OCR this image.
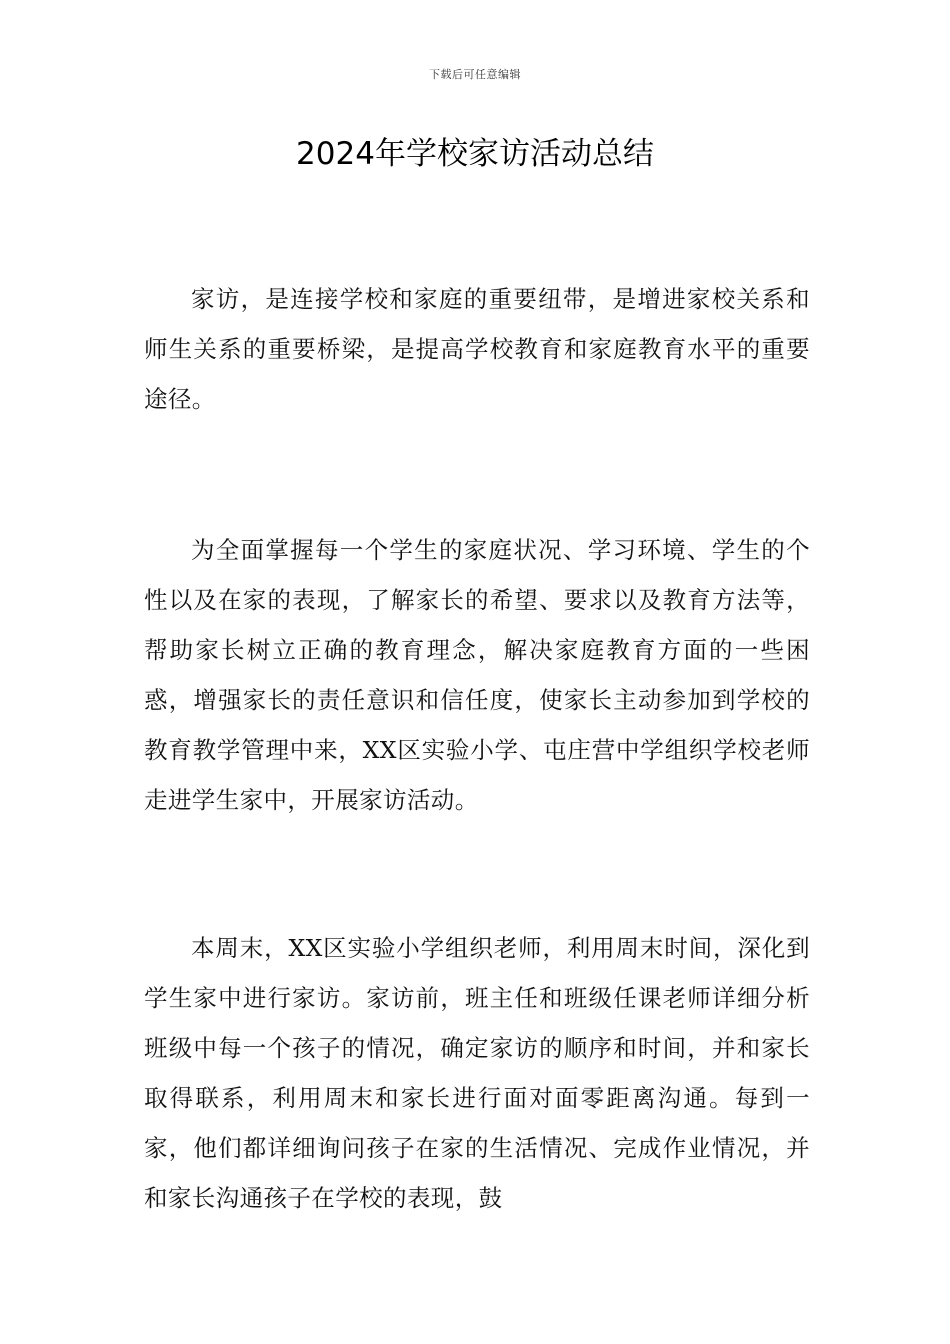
下载后可任意编辑
2024年学校家访活动总结

家访，是连接学校和家庭的重要纽带，是增进家校关系和师生关系的重要桥梁，是提高学校教育和家庭教育水平的重要途径。

为全面掌握每一个学生的家庭状况、学习环境、学生的个性以及在家的表现，了解家长的希望、要求以及教育方法等，帮助家长树立正确的教育理念，解决家庭教育方面的一些困惑，增强家长的责任意识和信任度，使家长主动参加到学校的教育教学管理中来，XX区实验小学、屯庄营中学组织学校老师走进学生家中，开展家访活动。

本周末，XX区实验小学组织老师，利用周末时间，深化到学生家中进行家访。家访前，班主任和班级任课老师详细分析班级中每一个孩子的情况，确定家访的顺序和时间，并和家长取得联系，利用周末和家长进行面对面零距离沟通。每到一家，他们都详细询问孩子在家的生活情况、完成作业情况，并和家长沟通孩子在学校的表现，鼓
